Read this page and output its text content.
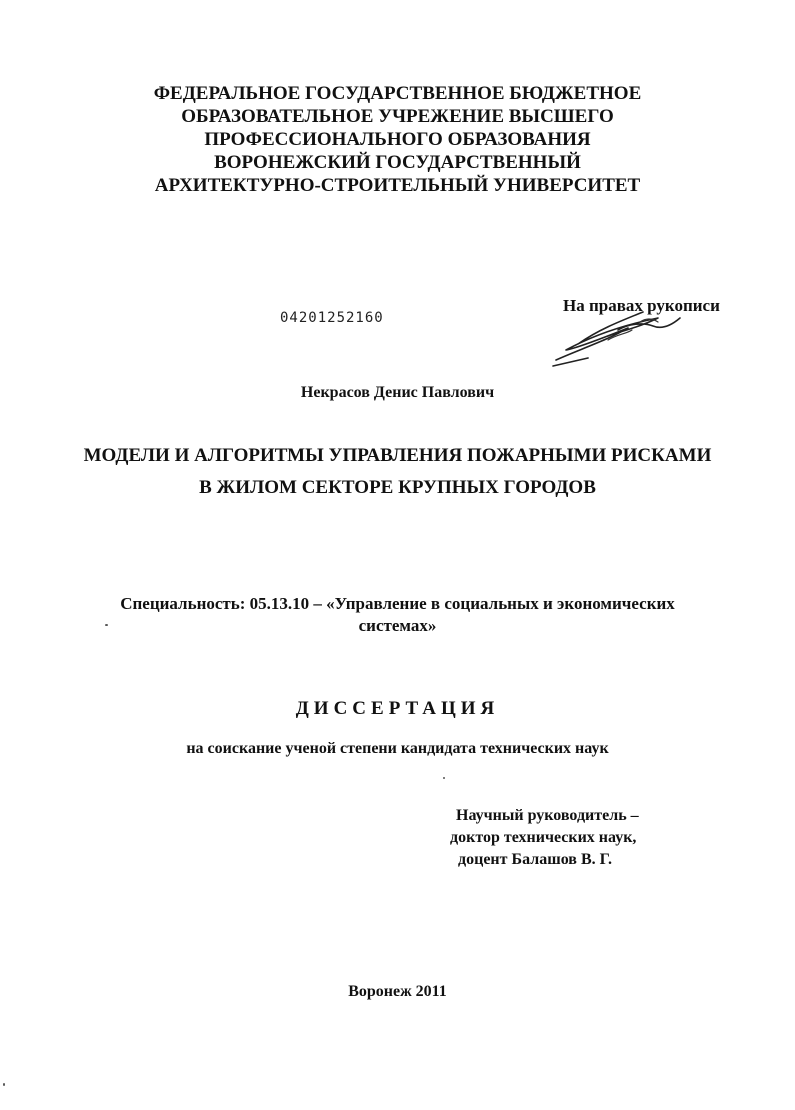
ФЕДЕРАЛЬНОЕ ГОСУДАРСТВЕННОЕ БЮДЖЕТНОЕ
ОБРАЗОВАТЕЛЬНОЕ УЧРЕЖЕНИЕ ВЫСШЕГО
ПРОФЕССИОНАЛЬНОГО ОБРАЗОВАНИЯ
ВОРОНЕЖСКИЙ ГОСУДАРСТВЕННЫЙ
АРХИТЕКТУРНО-СТРОИТЕЛЬНЫЙ УНИВЕРСИТЕТ
04201252160
На правах рукописи
Некрасов Денис Павлович
МОДЕЛИ И АЛГОРИТМЫ УПРАВЛЕНИЯ ПОЖАРНЫМИ РИСКАМИ
В ЖИЛОМ СЕКТОРЕ КРУПНЫХ ГОРОДОВ
Специальность: 05.13.10 – «Управление в социальных и экономических
системах»
ДИССЕРТАЦИЯ
на соискание ученой степени кандидата технических наук
Научный руководитель –
доктор технических наук,
доцент Балашов В. Г.
Воронеж 2011
